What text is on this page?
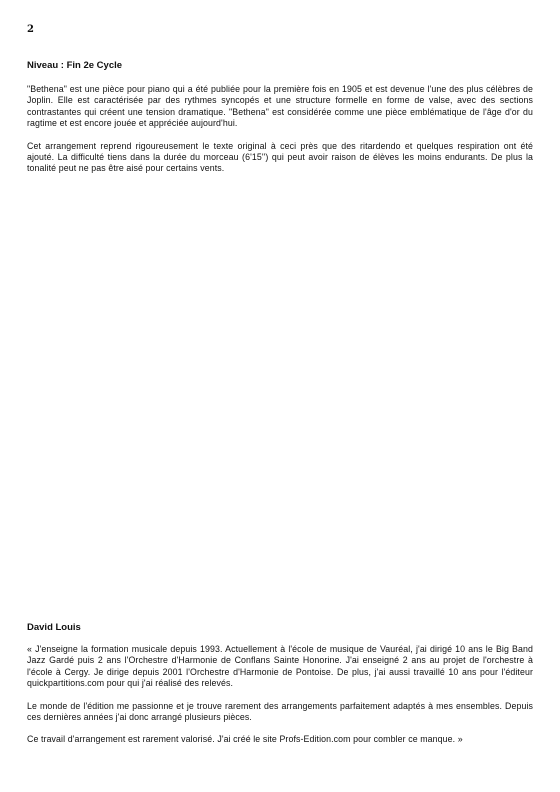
2
Niveau : Fin 2e Cycle

"Bethena" est une pièce pour piano qui a été publiée pour la première fois en 1905 et est devenue l'une des plus célèbres de Joplin. Elle est caractérisée par des rythmes syncopés et une structure formelle en forme de valse, avec des sections contrastantes qui créent une tension dramatique. "Bethena" est considérée comme une pièce emblématique de l'âge d'or du ragtime et est encore jouée et appréciée aujourd'hui.

Cet arrangement reprend rigoureusement le texte original à ceci près que des ritardendo et quelques respiration ont été ajouté. La difficulté tiens dans la durée du morceau (6'15'') qui peut avoir raison de élèves les moins endurants. De plus la tonalité peut ne pas être aisé pour certains vents.

David Louis

« J'enseigne la formation musicale depuis 1993. Actuellement à l'école de musique de Vauréal, j'ai dirigé 10 ans le Big Band Jazz Gardé puis 2 ans l'Orchestre d'Harmonie de Conflans Sainte Honorine. J'ai enseigné 2 ans au projet de l'orchestre à l'école à Cergy. Je dirige depuis 2001 l'Orchestre d'Harmonie de Pontoise. De plus, j'ai aussi travaillé 10 ans pour l'éditeur quickpartitions.com pour qui j'ai réalisé des relevés.

Le monde de l'édition me passionne et je trouve rarement des arrangements parfaitement adaptés à mes ensembles. Depuis ces dernières années j'ai donc arrangé plusieurs pièces.

Ce travail d'arrangement est rarement valorisé. J'ai créé le site Profs-Edition.com pour combler ce manque. »
